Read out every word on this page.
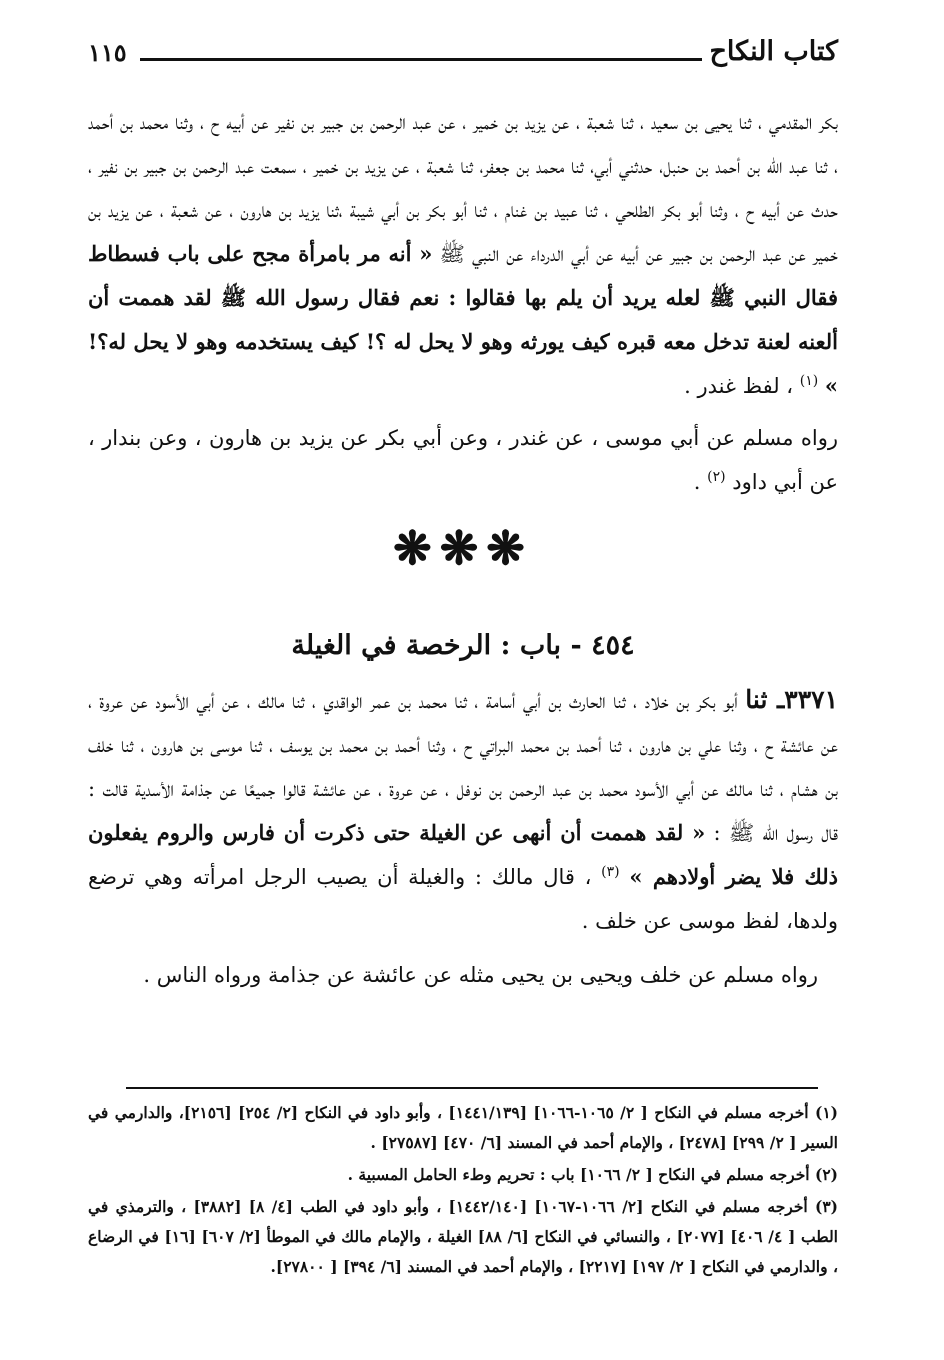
كتاب النكاح
١١٥

بكر المقدمي ، ثنا يحيى بن سعيد ، ثنا شعبة ، عن يزيد بن خمير ، عن عبد الرحمن بن جبير بن نفير عن أبيه ح ، وثنا محمد بن أحمد ، ثنا عبد الله بن أحمد بن حنبل، حدثني أبي، ثنا محمد بن جعفر، ثنا شعبة ، عن يزيد بن خمير ، سمعت عبد الرحمن بن جبير بن نفير ، حدث عن أبيه ح ، وثنا أبو بكر الطلحي ، ثنا عبيد بن غنام ، ثنا أبو بكر بن أبي شيبة ،ثنا يزيد بن هارون ، عن شعبة ، عن يزيد بن خمير عن عبد الرحمن بن جبير عن أبيه عن أبي الدرداء عن النبي ﷺ « أنه مر بامرأة مجح على باب فسطاط فقال النبي ﷺ لعله يريد أن يلم بها فقالوا : نعم فقال رسول الله ﷺ لقد هممت أن ألعنه لعنة تدخل معه قبره كيف يورثه وهو لا يحل له ؟! كيف يستخدمه وهو لا يحل له؟! » $^{(١)}$ ، لفظ غندر .

رواه مسلم عن أبي موسى ، عن غندر ، وعن أبي بكر عن يزيد بن هارون ، وعن بندار ، عن أبي داود $^{(٢)}$ .

❋❋❋

٤٥٤ - باب : الرخصة في الغيلة

٣٣٧١ـ ثنا أبو بكر بن خلاد ، ثنا الحارث بن أبي أسامة ، ثنا محمد بن عمر الواقدي ، ثنا مالك ، عن أبي الأسود عن عروة ، عن عائشة ح ، وثنا علي بن هارون ، ثنا أحمد بن محمد البراتي ح ، وثنا أحمد بن محمد بن يوسف ، ثنا موسى بن هارون ، ثنا خلف بن هشام ، ثنا مالك عن أبي الأسود محمد بن عبد الرحمن بن نوفل ، عن عروة ، عن عائشة قالوا جميعًا عن جذامة الأسدية قالت : قال رسول الله ﷺ : « لقد هممت أن أنهى عن الغيلة حتى ذكرت أن فارس والروم يفعلون ذلك فلا يضر أولادهم » $^{(٣)}$ ، قال مالك : والغيلة أن يصيب الرجل امرأته وهي ترضع ولدها، لفظ موسى عن خلف .

رواه مسلم عن خلف ويحيى بن يحيى مثله عن عائشة عن جذامة ورواه الناس .

(١) أخرجه مسلم في النكاح [ ٢/ ١٠٦٥-١٠٦٦] [١٤٤١/١٣٩] ، وأبو داود في النكاح [٢/ ٢٥٤] [٢١٥٦]، والدارمي في السير [ ٢/ ٢٩٩] [٢٤٧٨] ، والإمام أحمد في المسند [٦/ ٤٧٠] [٢٧٥٨٧] .

(٢) أخرجه مسلم في النكاح [ ٢/ ١٠٦٦] باب : تحريم وطء الحامل المسبية .

(٣) أخرجه مسلم في النكاح [٢/ ١٠٦٦-١٠٦٧] [١٤٤٢/١٤٠] ، وأبو داود في الطب [٤/ ٨] [٣٨٨٢] ، والترمذي في الطب [ ٤/ ٤٠٦] [٢٠٧٧] ، والنسائي في النكاح [٦/ ٨٨] الغيلة ، والإمام مالك في الموطأ [٢/ ٦٠٧] [١٦] في الرضاع ، والدارمي في النكاح [ ٢/ ١٩٧] [٢٢١٧] ، والإمام أحمد في المسند [٦/ ٣٩٤] [ ٢٧٨٠٠].
